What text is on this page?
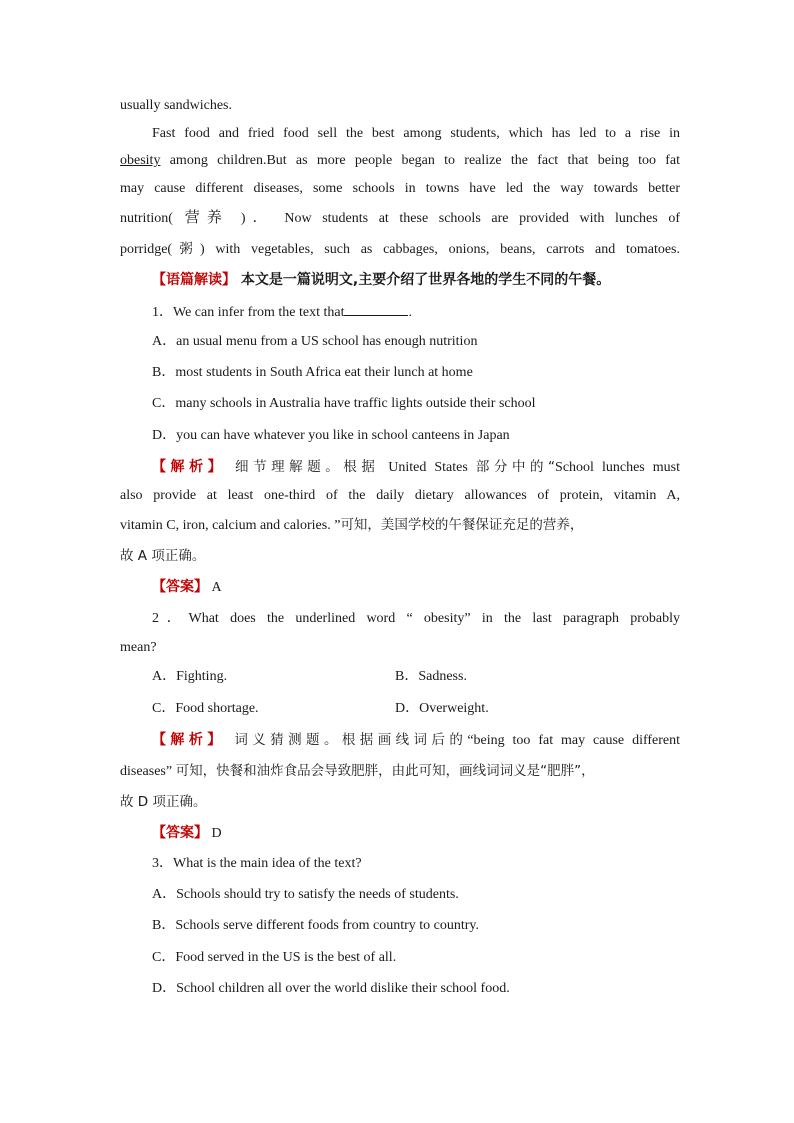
usually sandwiches.
Fast food and fried food sell the best among students, which has led to a rise in
obesity among children.But as more people began to realize the fact that being too fat
may cause different diseases, some schools in towns have led the way towards better
nutrition( 营养 )． Now students at these schools are provided with lunches of
porridge(粥) with vegetables, such as cabbages, onions, beans, carrots and tomatoes.
【语篇解读】 本文是一篇说明文,主要介绍了世界各地的学生不同的午餐。
1．We can infer from the text that	.
A．an usual menu from a US school has enough nutrition
B．most students in South Africa eat their lunch at home
C．many schools in Australia have traffic lights outside their school
D．you can have whatever you like in school canteens in Japan
【解析】 细节理解题。根据 United States 部分中的“School lunches must
also provide at least one-third of the daily dietary allowances of protein, vitamin A,
vitamin C, iron, calcium and calories. ”可知，美国学校的午餐保证充足的营养，
故 A 项正确。
【答案】 A
2．What does the underlined word “ obesity” in the last paragraph probably
mean?
A．Fighting.	B．Sadness.
C．Food shortage.	D．Overweight.
【解析】 词义猜测题。根据画线词后的“being too fat may cause different
diseases” 可知，快餐和油炸食品会导致肥胖，由此可知，画线词词义是“肥胖”，
故 D 项正确。
【答案】 D
3．What is the main idea of the text?
A．Schools should try to satisfy the needs of students.
B．Schools serve different foods from country to country.
C．Food served in the US is the best of all.
D．School children all over the world dislike their school food.
